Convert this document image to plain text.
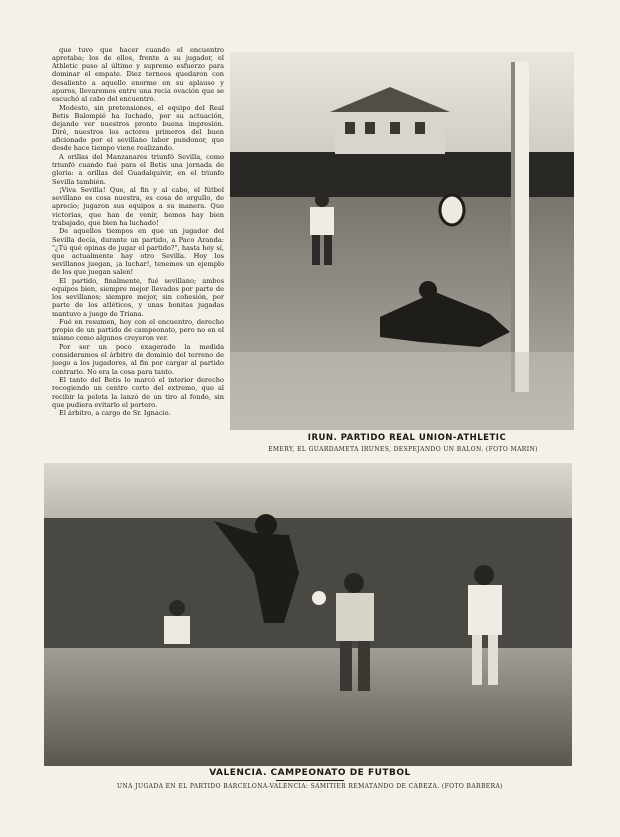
que tuvo que hacer cuando el encuentro apretaba; los de ellos, frente a su jugador, el Athletic puso al último y supremo esfuerzo para dominar el empate. Diez terneos quedaron con desaliento a aquello enorme en su aplauso y apuros, llevaremos entre una recia ovación que se escuchó al cabo del encuentro.

Modesto, sin pretensiones, el equipo del Real Betis Balompié ha luchado, por su actuación, dejando ver nuestros pronto buena impresión. Diré, nuestros los actores primeros del buen aficionado por el sevillano labor pundonor, que desde hace tiempo viene realizando.

A orillas del Manzanares triunfó Sevilla, como triunfó cuando fué para el Betis una jornada de gloria: a orillas del Guadalquivir, en el triunfo Sevilla también.

¡Viva Sevilla! Que, al fin y al cabo, el fútbol sevillano es cosa nuestra, es cosa de orgullo, de aprecio; jugaron sus equipos a su manera. Que victorias, que han de venir, hemos hay bien trabajado, que bien ha luchado!

De aquellos tiempos en que un jugador del Sevilla decía, durante un partido, a Paco Aranda: "¿Tú qué opinas de jugar el partido?", hasta hoy sí, que actualmente hay otro Sevilla. Hoy los sevillanos juegan, ¡a luchar!, tenemos un ejemplo de los que juegan salen!

El partido, finalmente, fué sevillano; ambos equipos bien, siempre mejor llevados por parte de los sevillanos; siempre mejor, sin cohesión, por parte de los atléticos, y unas bonitas jugadas mantuvo a juego de Triana.

Fué en resumen, hoy con el encuentro, derecho propio de un partido de campeonato, pero no en el mismo como algunos creyeron ver.

Por ser un poco exagerado la medida consideramos el árbitro de dominio del terreno de juego a los jugadores, al fin por cargar al partido contrario. No era la cosa para tanto.

El tanto del Betis lo marcó el interior derecho recogiendo un centro corto del extremo, que al recibir la pelota la lanzó de un tiro al fondo, sin que pudiera evitarlo el portero.

El árbitro, a cargo de Sr. Ignacio.

IRUN. PARTIDO REAL UNION-ATHLETIC
EMERY, EL GUARDAMETA IRUNES, DESPEJANDO UN BALON. (FOTO MARIN)
VALENCIA. CAMPEONATO DE FUTBOL
UNA JUGADA EN EL PARTIDO BARCELONA-VALENCIA: SAMITIER REMATANDO DE CABEZA. (FOTO BARBERA)
